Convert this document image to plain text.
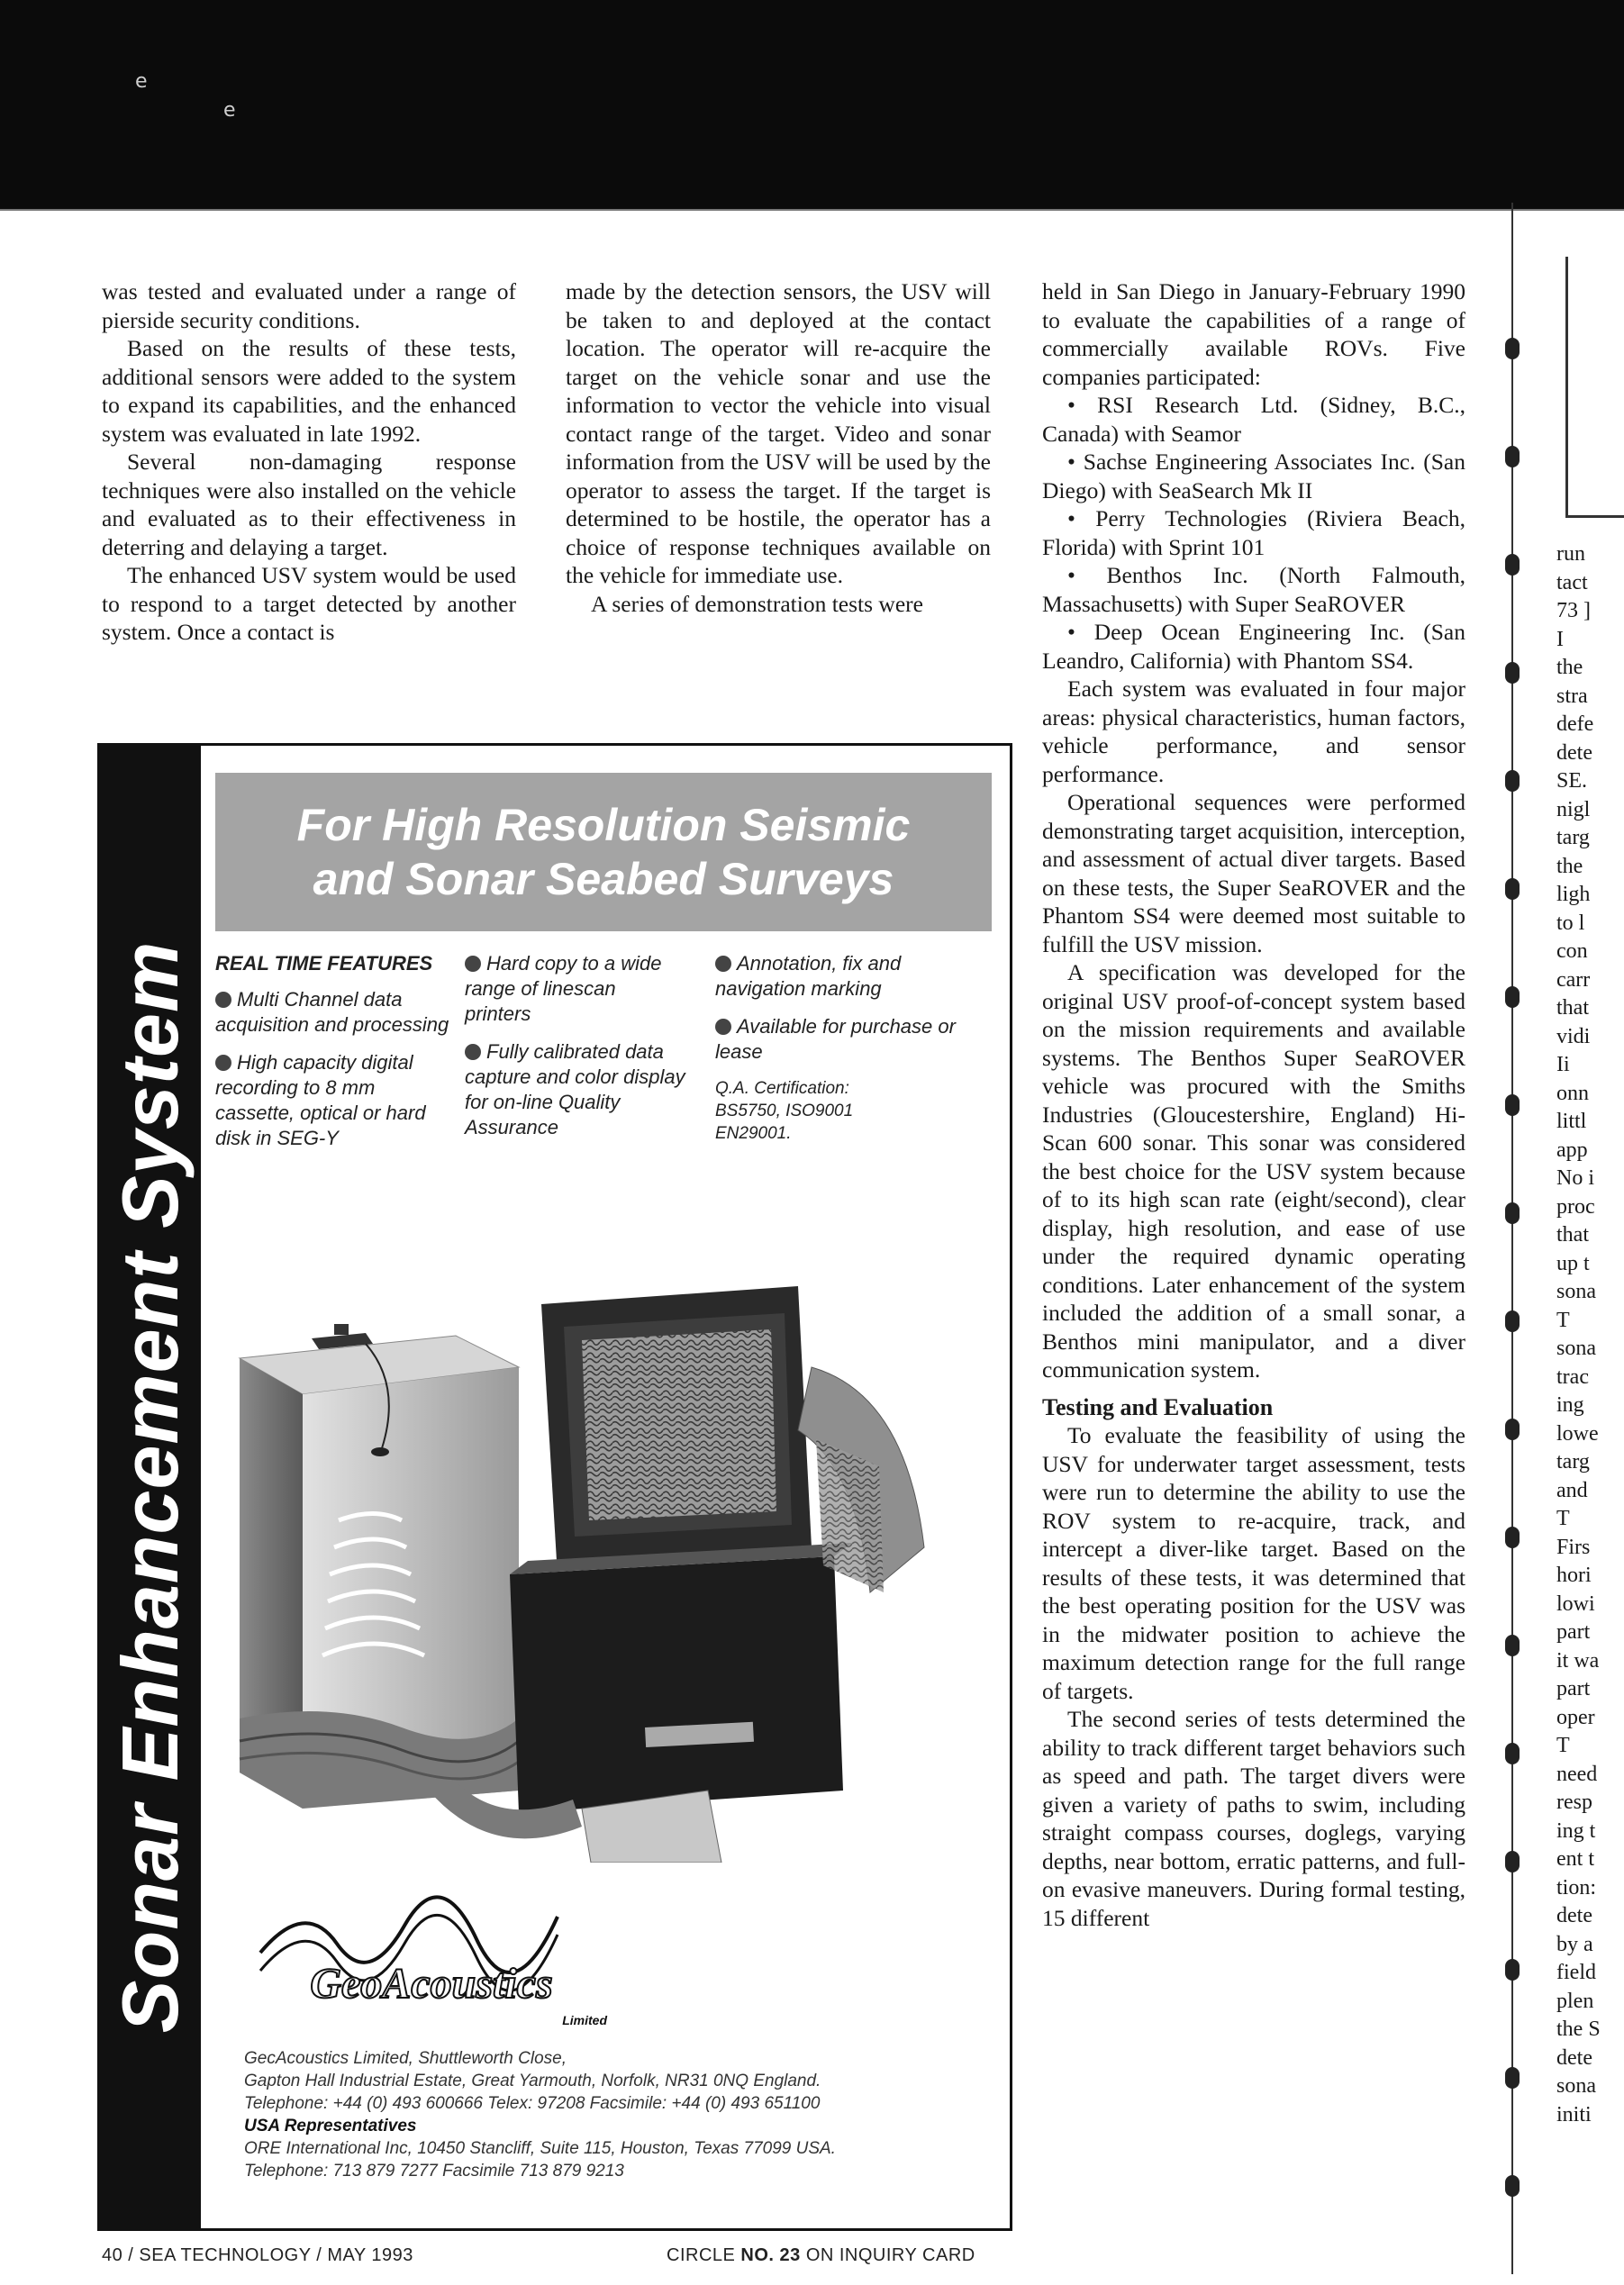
e
e

was tested and evaluated under a range of pierside security conditions.

Based on the results of these tests, additional sensors were added to the system to expand its capabilities, and the enhanced system was evaluated in late 1992.

Several non-damaging response techniques were also installed on the vehicle and evaluated as to their effectiveness in deterring and delaying a target.

The enhanced USV system would be used to respond to a target detected by another system. Once a contact is

made by the detection sensors, the USV will be taken to and deployed at the contact location. The operator will re-acquire the target on the vehicle sonar and use the information to vector the vehicle into visual contact range of the target. Video and sonar information from the USV will be used by the operator to assess the target. If the target is determined to be hostile, the operator has a choice of response techniques available on the vehicle for immediate use.

A series of demonstration tests were

held in San Diego in January-February 1990 to evaluate the capabilities of a range of commercially available ROVs. Five companies participated:

• RSI Research Ltd. (Sidney, B.C., Canada) with Seamor
• Sachse Engineering Associates Inc. (San Diego) with SeaSearch Mk II
• Perry Technologies (Riviera Beach, Florida) with Sprint 101
• Benthos Inc. (North Falmouth, Massachusetts) with Super SeaROVER
• Deep Ocean Engineering Inc. (San Leandro, California) with Phantom SS4.

Each system was evaluated in four major areas: physical characteristics, human factors, vehicle performance, and sensor performance.

Operational sequences were performed demonstrating target acquisition, interception, and assessment of actual diver targets. Based on these tests, the Super SeaROVER and the Phantom SS4 were deemed most suitable to fulfill the USV mission.

A specification was developed for the original USV proof-of-concept system based on the mission requirements and available systems. The Benthos Super SeaROVER vehicle was procured with the Smiths Industries (Gloucestershire, England) Hi-Scan 600 sonar. This sonar was considered the best choice for the USV system because of to its high scan rate (eight/second), clear display, high resolution, and ease of use under the required dynamic operating conditions. Later enhancement of the system included the addition of a small sonar, a Benthos mini manipulator, and a diver communication system.

Testing and Evaluation

To evaluate the feasibility of using the USV for underwater target assessment, tests were run to determine the ability to use the ROV system to re-acquire, track, and intercept a diver-like target. Based on the results of these tests, it was determined that the best operating position for the USV was in the midwater position to achieve the maximum detection range for the full range of targets.

The second series of tests determined the ability to track different target behaviors such as speed and path. The target divers were given a variety of paths to swim, including straight compass courses, doglegs, varying depths, near bottom, erratic patterns, and full-on evasive maneuvers. During formal testing, 15 different

run
tact
73 ]
I
the
stra
defe
dete
SE.
nigl
targ
the
ligh
to l
con
carr
that
vidi
Ii
onn
littl
app
No i
proc
that
up t
sona
T
sona
trac
ing
lowe
targ
and
T
Firs
hori
lowi
part
it wa
part
oper
T
need
resp
ing t
ent t
tion:
dete
by a
field
plen
the S
dete
sona
initi
Sonar Enhancement System
For High Resolution Seismic
and Sonar Seabed Surveys
REAL TIME FEATURES
Multi Channel data acquisition and processing
High capacity digital recording to 8 mm cassette, optical or hard disk in SEG-Y
Hard copy to a wide range of linescan printers
Fully calibrated data capture and color display for on-line Quality Assurance
Annotation, fix and navigation marking
Available for purchase or lease
Q.A. Certification:
BS5750, ISO9001
EN29001.
GeoAcoustics
Limited
GecAcoustics Limited, Shuttleworth Close,
Gapton Hall Industrial Estate, Great Yarmouth, Norfolk, NR31 0NQ England.
Telephone: +44 (0) 493 600666 Telex: 97208 Facsimile: +44 (0) 493 651100
USA Representatives
ORE International Inc, 10450 Stancliff, Suite 115, Houston, Texas 77099 USA.
Telephone: 713 879 7277 Facsimile 713 879 9213
40 / SEA TECHNOLOGY / MAY 1993	CIRCLE NO. 23 ON INQUIRY CARD
